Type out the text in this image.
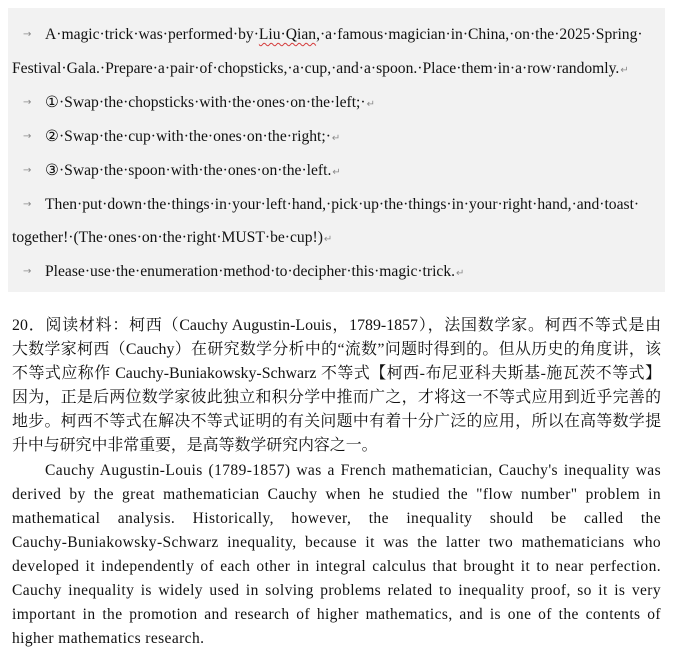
→ A·magic·trick·was·performed·by·Liu·Qian,·a·famous·magician·in·China,·on·the·2025·Spring·
Festival·Gala.·Prepare·a·pair·of·chopsticks,·a·cup,·and·a·spoon.·Place·them·in·a·row·randomly.↵
→ ①·Swap·the·chopsticks·with·the·ones·on·the·left;·↵
→ ②·Swap·the·cup·with·the·ones·on·the·right;·↵
→ ③·Swap·the·spoon·with·the·ones·on·the·left.↵
→ Then·put·down·the·things·in·your·left·hand,·pick·up·the·things·in·your·right·hand,·and·toast·
together!·(The·ones·on·the·right·MUST·be·cup!)↵
→ Please·use·the·enumeration·method·to·decipher·this·magic·trick.↵
20．阅读材料：柯西（Cauchy Augustin-Louis，1789-1857），法国数学家。柯西不等式是由
大数学家柯西（Cauchy）在研究数学分析中的“流数”问题时得到的。但从历史的角度讲，该
不等式应称作 Cauchy-Buniakowsky-Schwarz 不等式【柯西-布尼亚科夫斯基-施瓦茨不等式】
因为，正是后两位数学家彼此独立和积分学中推而广之，才将这一不等式应用到近乎完善的
地步。柯西不等式在解决不等式证明的有关问题中有着十分广泛的应用，所以在高等数学提
升中与研究中非常重要，是高等数学研究内容之一。
Cauchy Augustin-Louis (1789-1857) was a French mathematician, Cauchy's inequality was
derived by the great mathematician Cauchy when he studied the "flow number" problem in
mathematical analysis. Historically, however, the inequality should be called the
Cauchy-Buniakowsky-Schwarz inequality, because it was the latter two mathematicians who
developed it independently of each other in integral calculus that brought it to near perfection.
Cauchy inequality is widely used in solving problems related to inequality proof, so it is very
important in the promotion and research of higher mathematics, and is one of the contents of
higher mathematics research.
